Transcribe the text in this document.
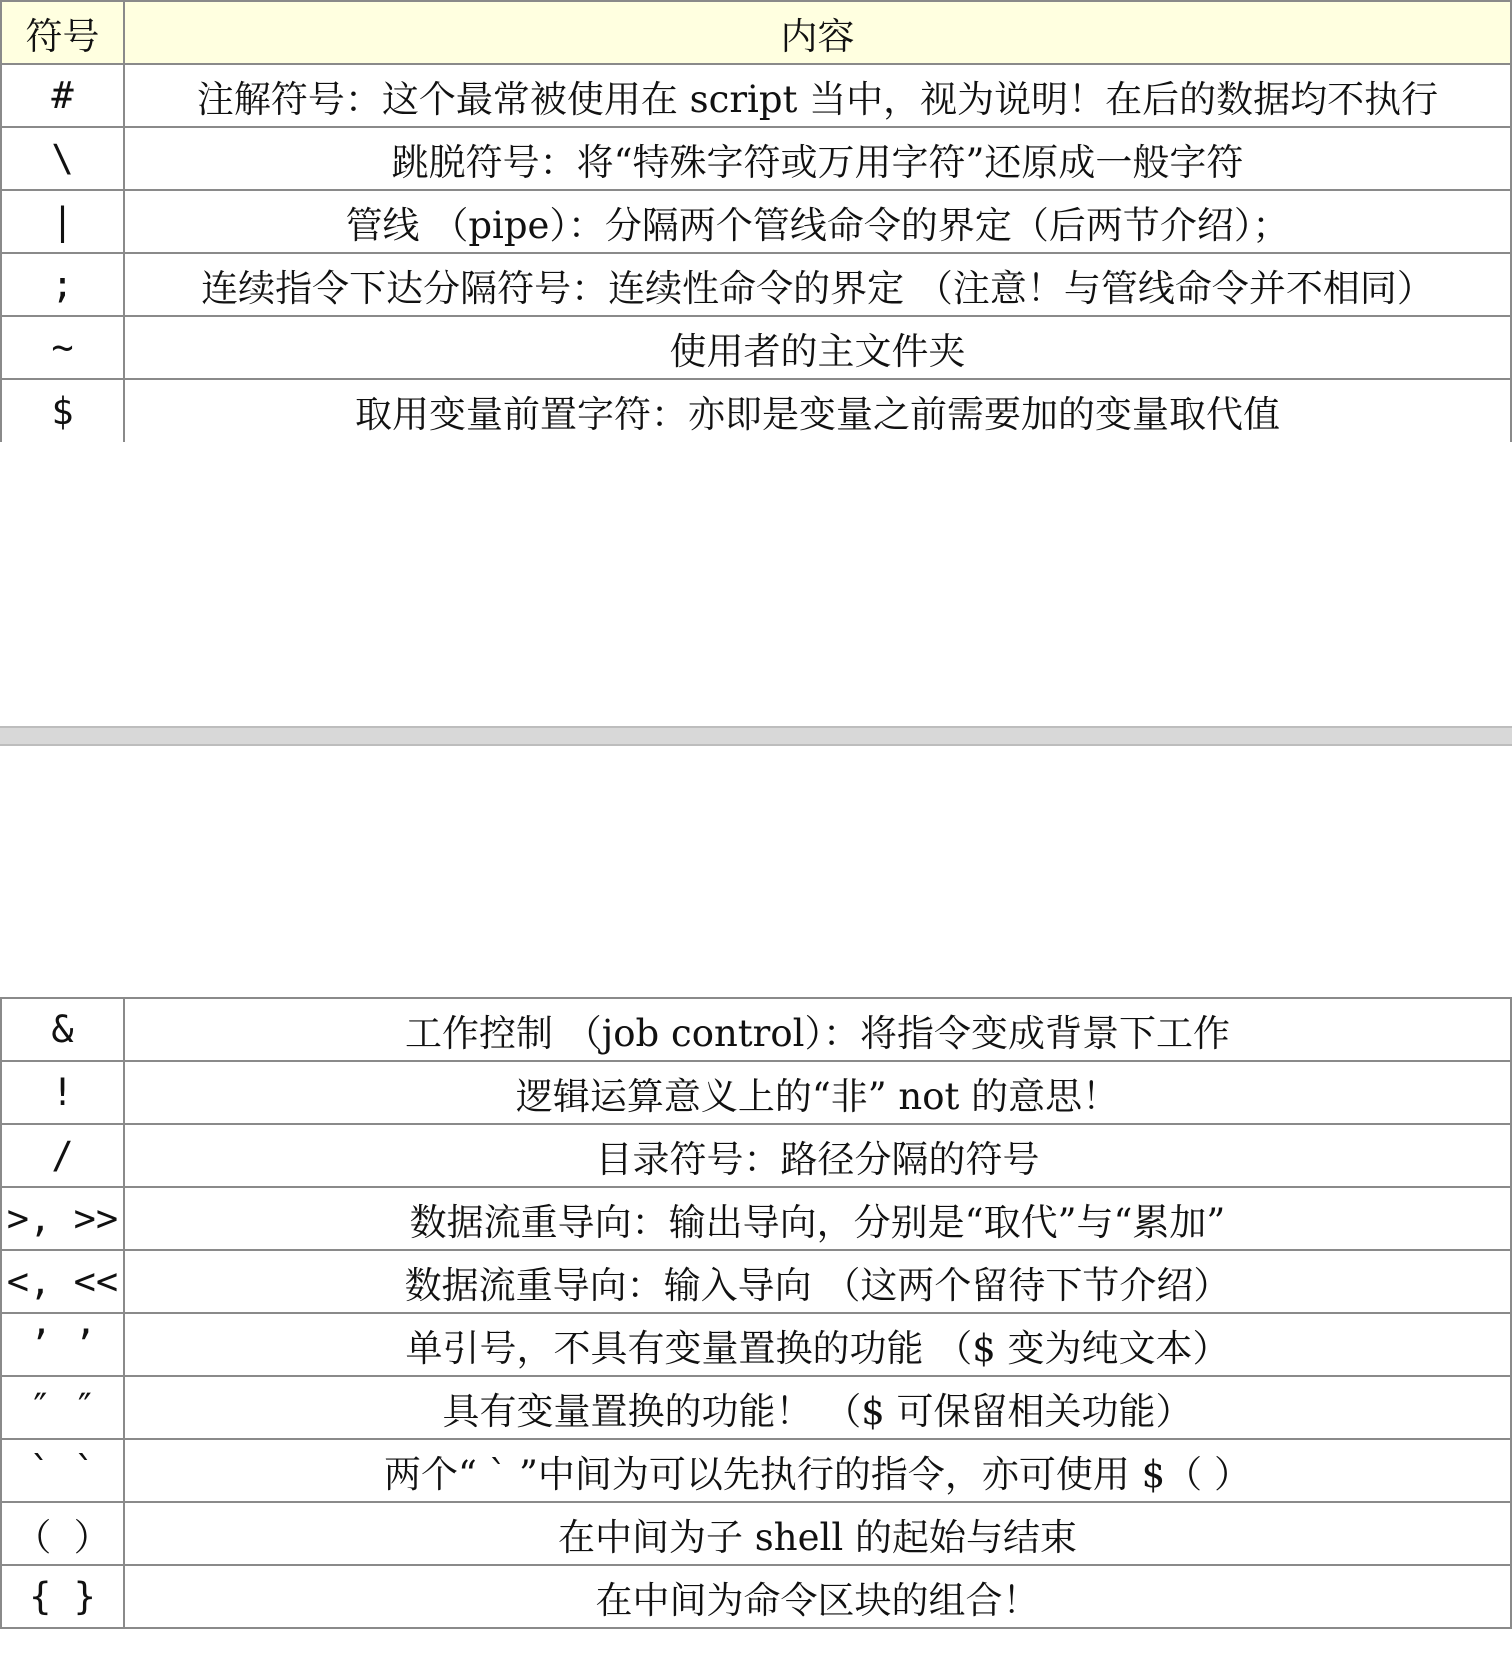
符号	内容
#	注解符号：这个最常被使用在 script 当中，视为说明！在后的数据均不执行
\	跳脱符号：将“特殊字符或万用字符”还原成一般字符
|	管线 （pipe）：分隔两个管线命令的界定（后两节介绍）；
;	连续指令下达分隔符号：连续性命令的界定 （注意！与管线命令并不相同）
~	使用者的主文件夹
$	取用变量前置字符：亦即是变量之前需要加的变量取代值
&	工作控制 （job control）：将指令变成背景下工作
!	逻辑运算意义上的“非” not 的意思！
/	目录符号：路径分隔的符号
>, >>	数据流重导向：输出导向，分别是“取代”与“累加”
<, <<	数据流重导向：输入导向 （这两个留待下节介绍）
’ ’	单引号，不具有变量置换的功能 （$ 变为纯文本）
″ ″	具有变量置换的功能！ （$ 可保留相关功能）
` `	两个“ ` ”中间为可以先执行的指令，亦可使用 $（ ）
（ ）	在中间为子 shell 的起始与结束
{ }	在中间为命令区块的组合！
